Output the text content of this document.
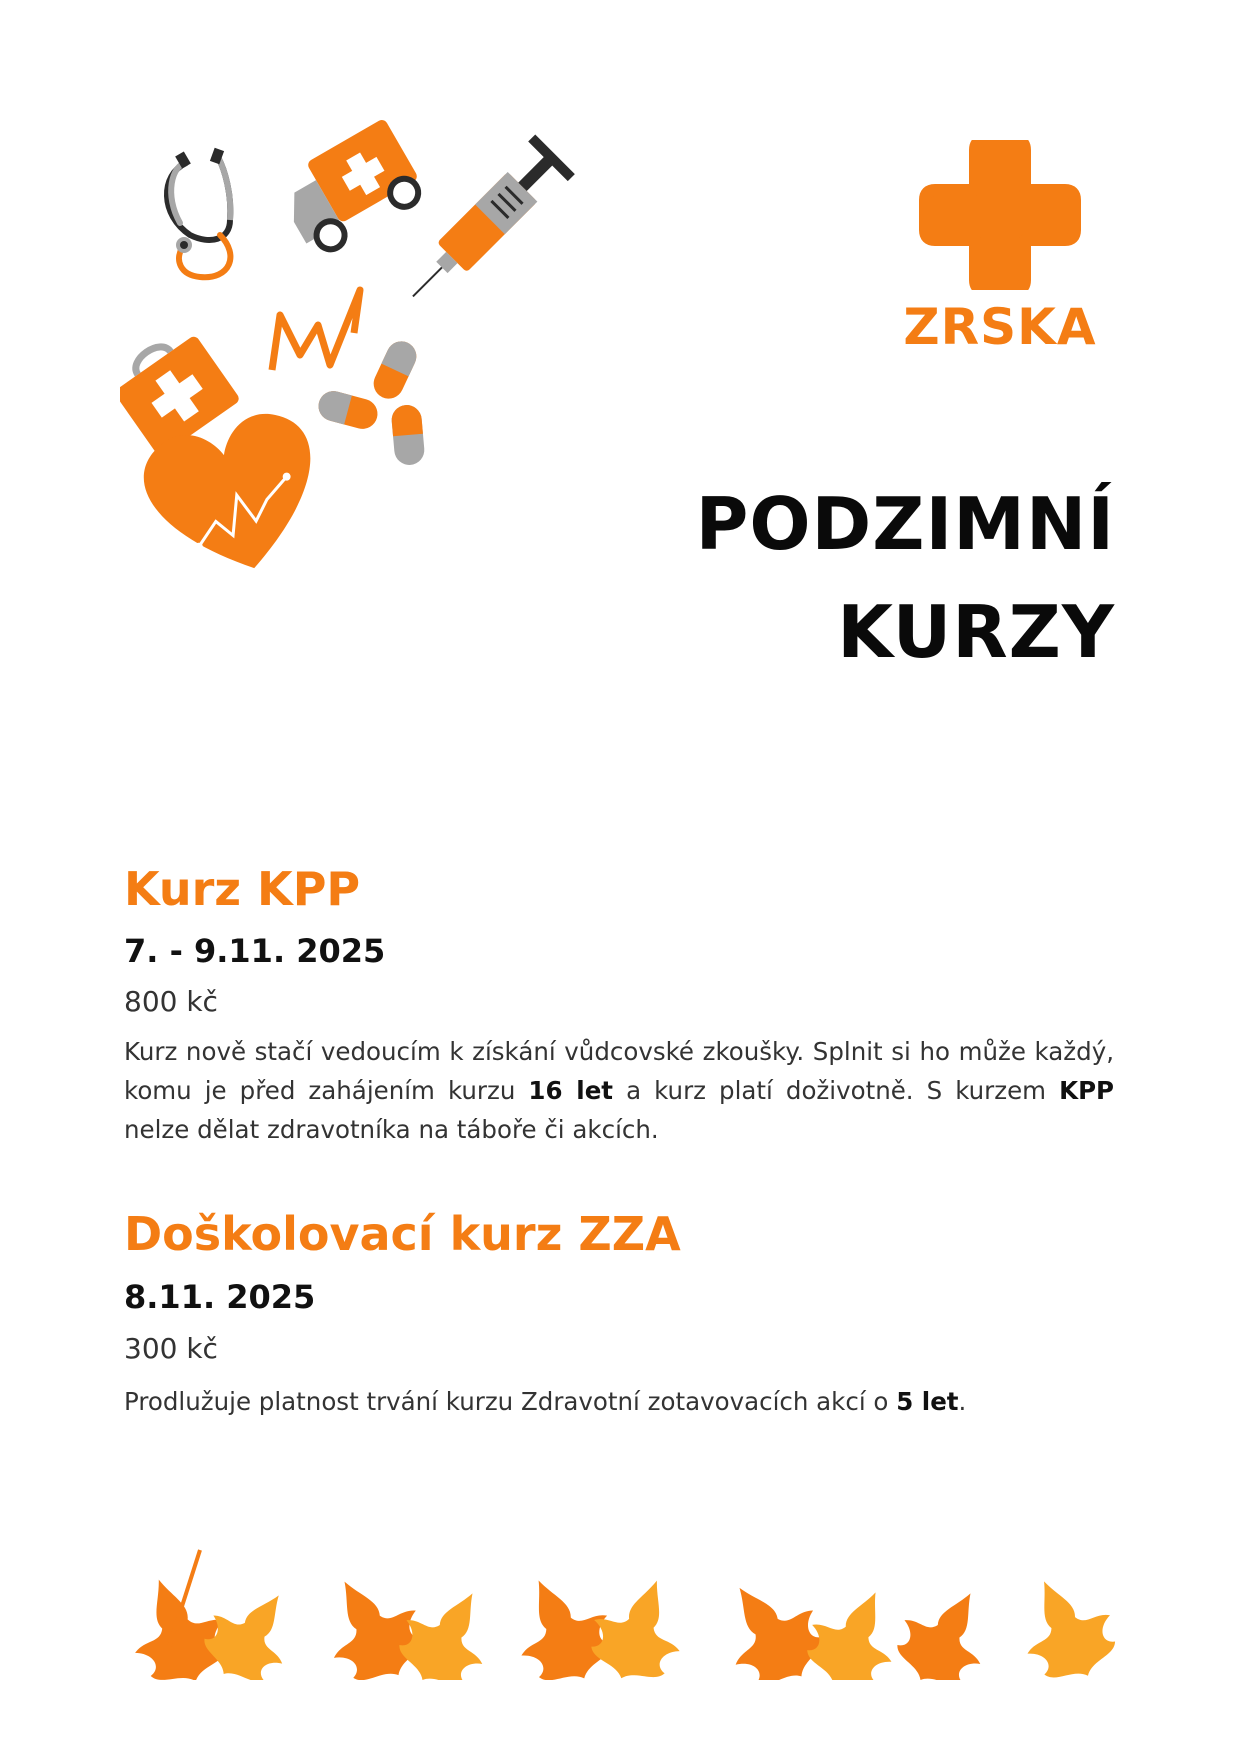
ZRSKA
PODZIMNÍ
KURZY
Kurz KPP

7. - 9.11. 2025

800 kč

Kurz nově stačí vedoucím k získání vůdcovské zkoušky. Splnit si ho může každý, komu je před zahájením kurzu 16 let a kurz platí doživotně. S kurzem KPP nelze dělat zdravotníka na táboře či akcích.

Doškolovací kurz ZZA

8.11. 2025

300 kč

Prodlužuje platnost trvání kurzu Zdravotní zotavovacích akcí o 5 let.
